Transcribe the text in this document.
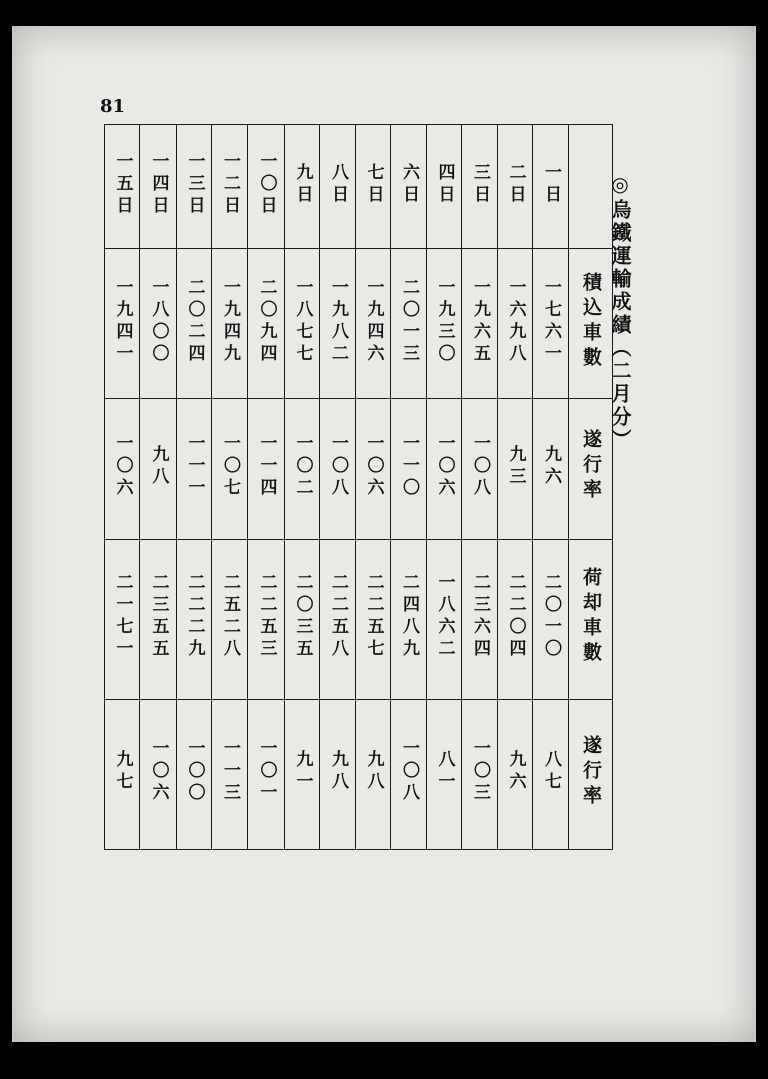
81
◎烏鐵運輸成績（二月分）
一五日	一四日	一三日	一二日	一〇日	九日	八日	七日	六日	四日	三日	二日	一日	
一九四一	一八〇〇	二〇二四	一九四九	二〇九四	一八七七	一九八二	一九四六	二〇一三	一九三〇	一九六五	一六九八	一七六一	積込車數
一〇六	九八	一一一	一〇七	一一四	一〇二	一〇八	一〇六	一一〇	一〇六	一〇八	九三	九六	遂行率
二一七一	二三五五	二二二九	二五二八	二二五三	二〇三五	二二五八	二二五七	二四八九	一八六二	二三六四	二二〇四	二〇一〇	荷却車數
九七	一〇六	一〇〇	一一三	一〇一	九一	九八	九八	一〇八	八一	一〇三	九六	八七	遂行率
